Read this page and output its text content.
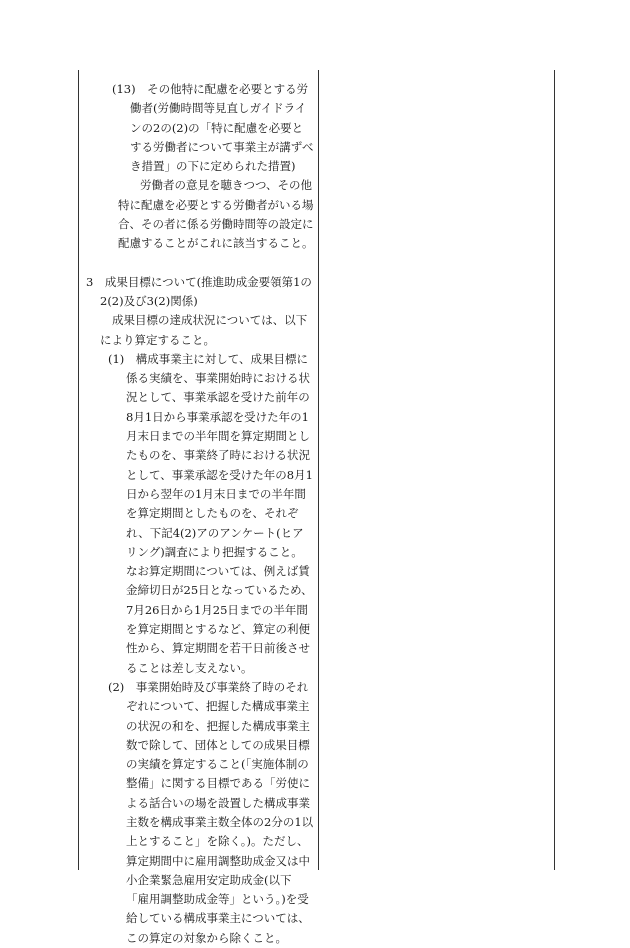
(13)　その他特に配慮を必要とする労働者(労働時間等見直しガイドラインの2の(2)の「特に配慮を必要とする労働者について事業主が講ずべき措置」の下に定められた措置)

労働者の意見を聴きつつ、その他特に配慮を必要とする労働者がいる場合、その者に係る労働時間等の設定に配慮することがこれに該当すること。

3　成果目標について(推進助成金要領第1の2(2)及び3(2)関係)

成果目標の達成状況については、以下により算定すること。

(1)　構成事業主に対して、成果目標に係る実績を、事業開始時における状況として、事業承認を受けた前年の8月1日から事業承認を受けた年の1月末日までの半年間を算定期間としたものを、事業終了時における状況として、事業承認を受けた年の8月1日から翌年の1月末日までの半年間を算定期間としたものを、それぞれ、下記4(2)アのアンケート(ヒアリング)調査により把握すること。なお算定期間については、例えば賃金締切日が25日となっているため、7月26日から1月25日までの半年間を算定期間とするなど、算定の利便性から、算定期間を若干日前後させることは差し支えない。

(2)　事業開始時及び事業終了時のそれぞれについて、把握した構成事業主の状況の和を、把握した構成事業主数で除して、団体としての成果目標の実績を算定すること(「実施体制の整備」に関する目標である「労使による話合いの場を設置した構成事業主数を構成事業主数全体の2分の1以上とすること」を除く。)。ただし、算定期間中に雇用調整助成金又は中小企業緊急雇用安定助成金(以下「雇用調整助成金等」という。)を受給している構成事業主については、この算定の対象から除くこと。
